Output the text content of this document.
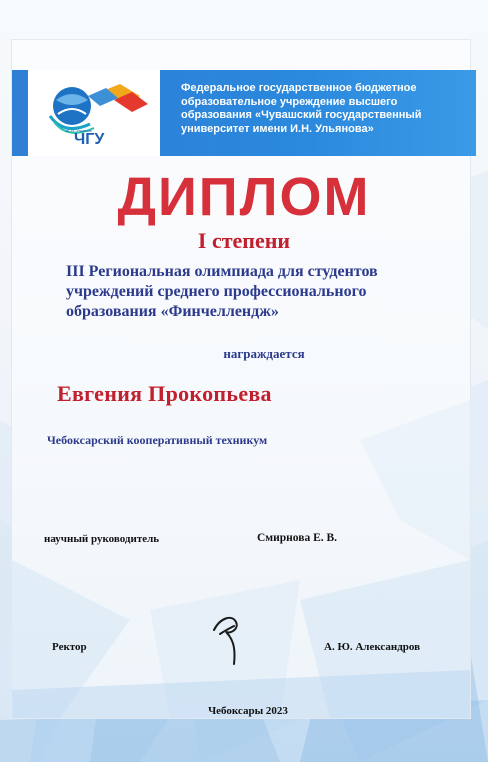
ЧГУ
И. Н. Ульянов
Федеральное государственное бюджетное
образовательное учреждение высшего
образования «Чувашский государственный
университет имени И.Н. Ульянова»
ДИПЛОМ
I степени
III Региональная олимпиада для студентов
учреждений среднего профессионального
образования «Финчеллендж»
награждается
Евгения Прокопьева
Чебоксарский кооперативный техникум
научный руководитель	Смирнова Е. В.
Ректор	А. Ю. Александров
Чебоксары 2023
